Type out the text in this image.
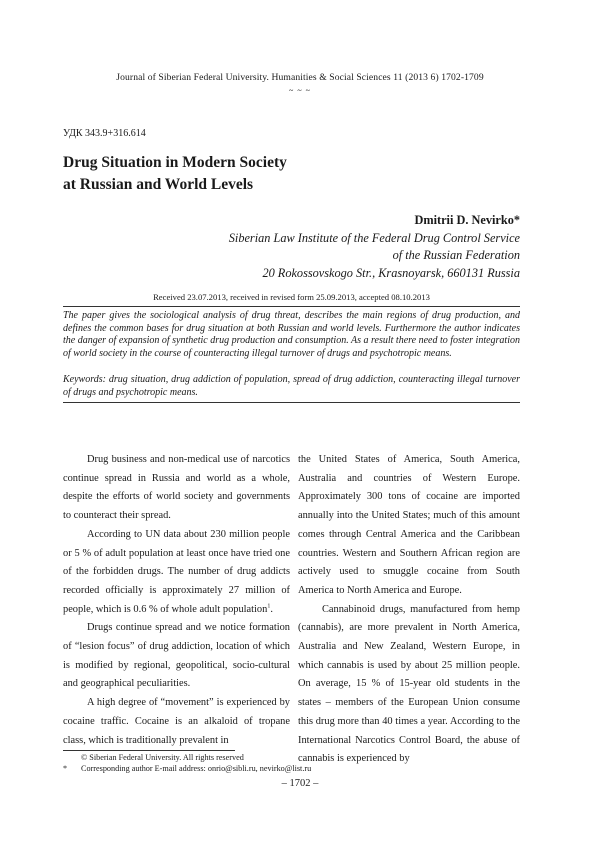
Journal of Siberian Federal University. Humanities & Social Sciences 11 (2013 6) 1702-1709
~ ~ ~
УДК 343.9+316.614
Drug Situation in Modern Society
at Russian and World Levels
Dmitrii D. Nevirko*
Siberian Law Institute of the Federal Drug Control Service
of the Russian Federation
20 Rokossovskogo Str., Krasnoyarsk, 660131 Russia
Received 23.07.2013, received in revised form 25.09.2013, accepted 08.10.2013
The paper gives the sociological analysis of drug threat, describes the main regions of drug production, and defines the common bases for drug situation at both Russian and world levels. Furthermore the author indicates the danger of expansion of synthetic drug production and consumption. As a result there need to foster integration of world society in the course of counteracting illegal turnover of drugs and psychotropic means.
Keywords: drug situation, drug addiction of population, spread of drug addiction, counteracting illegal turnover of drugs and psychotropic means.

Drug business and non-medical use of narcotics continue spread in Russia and world as a whole, despite the efforts of world society and governments to counteract their spread.

According to UN data about 230 million people or 5 % of adult population at least once have tried one of the forbidden drugs. The number of drug addicts recorded officially is approximately 27 million of people, which is 0.6 % of whole adult population$^1$.

Drugs continue spread and we notice formation of “lesion focus” of drug addiction, location of which is modified by regional, geopolitical, socio-cultural and geographical peculiarities.

A high degree of “movement” is experienced by cocaine traffic. Cocaine is an alkaloid of tropane class, which is traditionally prevalent in

the United States of America, South America, Australia and countries of Western Europe. Approximately 300 tons of cocaine are imported annually into the United States; much of this amount comes through Central America and the Caribbean countries. Western and Southern African region are actively used to smuggle cocaine from South America to North America and Europe.

Cannabinoid drugs, manufactured from hemp (cannabis), are more prevalent in North America, Australia and New Zealand, Western Europe, in which cannabis is used by about 25 million people. On average, 15 % of 15-year old students in the states – members of the European Union consume this drug more than 40 times a year. According to the International Narcotics Control Board, the abuse of cannabis is experienced by

© Siberian Federal University. All rights reserved
*	Corresponding author E-mail address: onrio@sibli.ru, nevirko@list.ru
– 1702 –
